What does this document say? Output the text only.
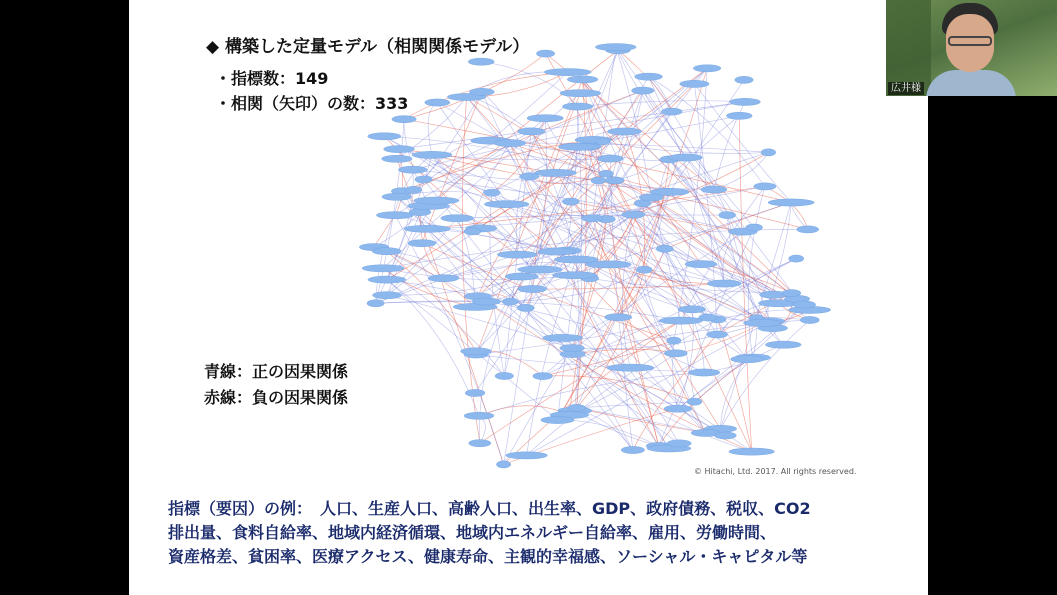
◆ 構築した定量モデル（相関関係モデル）
・指標数：149
・相関（矢印）の数：333
青線：正の因果関係
赤線：負の因果関係
© Hitachi, Ltd. 2017. All rights reserved.
指標（要因）の例：　人口、生産人口、高齢人口、出生率、GDP、政府債務、税収、CO2
排出量、食料自給率、地域内経済循環、地域内エネルギー自給率、雇用、労働時間、
資産格差、貧困率、医療アクセス、健康寿命、主観的幸福感、ソーシャル・キャピタル等
広井様
